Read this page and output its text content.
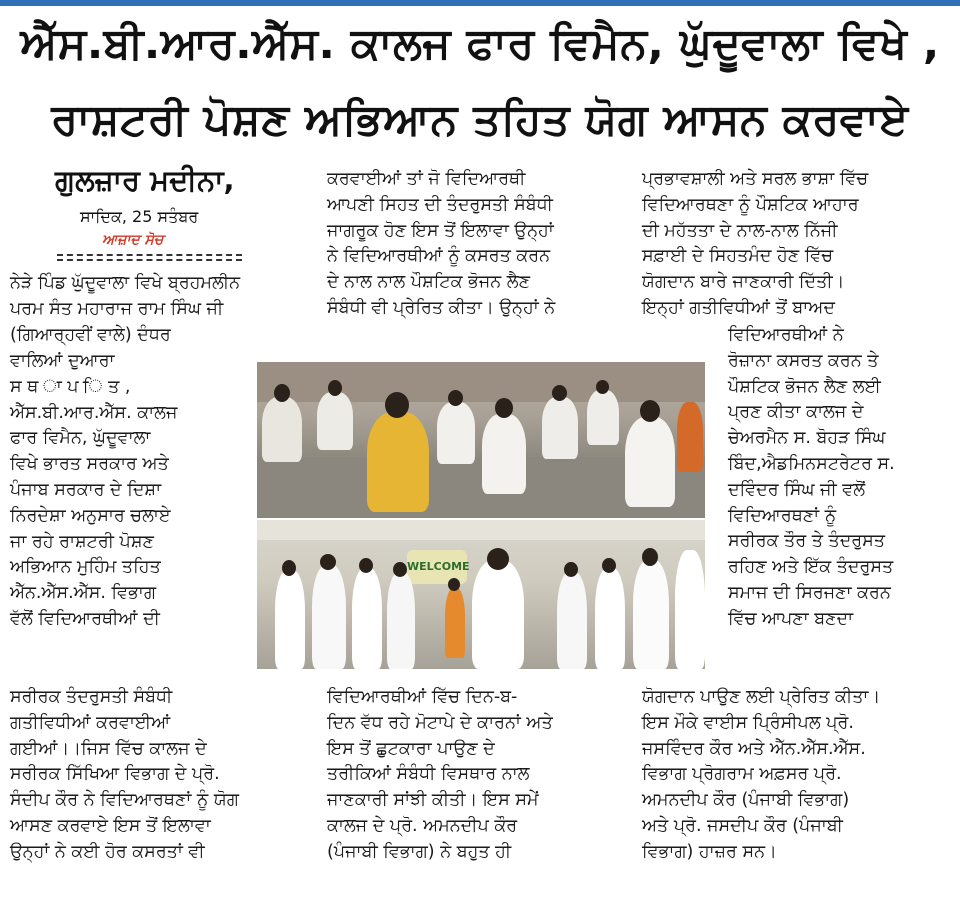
ਐੱਸ.ਬੀ.ਆਰ.ਐੱਸ. ਕਾਲਜ ਫਾਰ ਵਿਮੈਨ, ਘੁੱਦੂਵਾਲਾ ਵਿਖੇ ,
ਰਾਸ਼ਟਰੀ ਪੋਸ਼ਣ ਅਭਿਆਨ ਤਹਿਤ ਯੋਗ ਆਸਨ ਕਰਵਾਏ
ਗੁਲਜ਼ਾਰ ਮਦੀਨਾ,
ਸਾਦਿਕ, 25 ਸਤੰਬਰ
ਆਜ਼ਾਦ ਸੋਚ

ਨੇੜੇ ਪਿੰਡ ਘੁੱਦੂਵਾਲਾ ਵਿਖੇ ਬ੍ਰਹਮਲੀਨ

ਪਰਮ ਸੰਤ ਮਹਾਰਾਜ ਰਾਮ ਸਿੰਘ ਜੀ

(ਗਿਆਰ੍ਹਵੀਂ ਵਾਲੇ) ਦੰਧਰ

ਵਾਲਿਆਂ ਦੁਆਰਾ

ਸ ਥ ਾ ਪ ਿ ਤ ,

ਐੱਸ.ਬੀ.ਆਰ.ਐੱਸ. ਕਾਲਜ

ਫਾਰ ਵਿਮੈਨ, ਘੁੱਦੂਵਾਲਾ

ਵਿਖੇ ਭਾਰਤ ਸਰਕਾਰ ਅਤੇ

ਪੰਜਾਬ ਸਰਕਾਰ ਦੇ ਦਿਸ਼ਾ

ਨਿਰਦੇਸ਼ਾ ਅਨੁਸਾਰ ਚਲਾਏ

ਜਾ ਰਹੇ ਰਾਸ਼ਟਰੀ ਪੋਸ਼ਣ

ਅਭਿਆਨ ਮੁਹਿੰਮ ਤਹਿਤ

ਐੱਨ.ਐੱਸ.ਐੱਸ. ਵਿਭਾਗ

ਵੱਲੋਂ ਵਿਦਿਆਰਥੀਆਂ ਦੀ

ਸਰੀਰਕ ਤੰਦਰੁਸਤੀ ਸੰਬੰਧੀ

ਗਤੀਵਿਧੀਆਂ ਕਰਵਾਈਆਂ

ਗਈਆਂ।।ਜਿਸ ਵਿੱਚ ਕਾਲਜ ਦੇ

ਸਰੀਰਕ ਸਿੱਖਿਆ ਵਿਭਾਗ ਦੇ ਪ੍ਰੋ.

ਸੰਦੀਪ ਕੌਰ ਨੇ ਵਿਦਿਆਰਥਣਾਂ ਨੂੰ ਯੋਗ

ਆਸਣ ਕਰਵਾਏ ਇਸ ਤੋਂ ਇਲਾਵਾ

ਉਨ੍ਹਾਂ ਨੇ ਕਈ ਹੋਰ ਕਸਰਤਾਂ ਵੀ

ਕਰਵਾਈਆਂ ਤਾਂ ਜੋ ਵਿਦਿਆਰਥੀ

ਆਪਣੀ ਸਿਹਤ ਦੀ ਤੰਦਰੁਸਤੀ ਸੰਬੰਧੀ

ਜਾਗਰੂਕ ਹੋਣ ਇਸ ਤੋਂ ਇਲਾਵਾ ਉਨ੍ਹਾਂ

ਨੇ ਵਿਦਿਆਰਥੀਆਂ ਨੂੰ ਕਸਰਤ ਕਰਨ

ਦੇ ਨਾਲ ਨਾਲ ਪੌਸ਼ਟਿਕ ਭੋਜਨ ਲੈਣ

ਸੰਬੰਧੀ ਵੀ ਪ੍ਰੇਰਿਤ ਕੀਤਾ। ਉਨ੍ਹਾਂ ਨੇ

ਵਿਦਿਆਰਥੀਆਂ ਵਿੱਚ ਦਿਨ-ਬ-

ਦਿਨ ਵੱਧ ਰਹੇ ਮੋਟਾਪੇ ਦੇ ਕਾਰਨਾਂ ਅਤੇ

ਇਸ ਤੋਂ ਛੁਟਕਾਰਾ ਪਾਉਣ ਦੇ

ਤਰੀਕਿਆਂ ਸੰਬੰਧੀ ਵਿਸਥਾਰ ਨਾਲ

ਜਾਣਕਾਰੀ ਸਾਂਝੀ ਕੀਤੀ। ਇਸ ਸਮੇਂ

ਕਾਲਜ ਦੇ ਪ੍ਰੋ. ਅਮਨਦੀਪ ਕੌਰ

(ਪੰਜਾਬੀ ਵਿਭਾਗ) ਨੇ ਬਹੁਤ ਹੀ

ਪ੍ਰਭਾਵਸ਼ਾਲੀ ਅਤੇ ਸਰਲ ਭਾਸ਼ਾ ਵਿੱਚ

ਵਿਦਿਆਰਥਣਾ ਨੂੰ ਪੌਸ਼ਟਿਕ ਆਹਾਰ

ਦੀ ਮਹੱਤਤਾ ਦੇ ਨਾਲ-ਨਾਲ ਨਿੱਜੀ

ਸਫ਼ਾਈ ਦੇ ਸਿਹਤਮੰਦ ਹੋਣ ਵਿੱਚ

ਯੋਗਦਾਨ ਬਾਰੇ ਜਾਣਕਾਰੀ ਦਿੱਤੀ।

ਇਨ੍ਹਾਂ ਗਤੀਵਿਧੀਆਂ ਤੋਂ ਬਾਅਦ

ਵਿਦਿਆਰਥੀਆਂ ਨੇ

ਰੋਜ਼ਾਨਾ ਕਸਰਤ ਕਰਨ ਤੇ

ਪੌਸ਼ਟਿਕ ਭੋਜਨ ਲੈਣ ਲਈ

ਪ੍ਰਣ ਕੀਤਾ ਕਾਲਜ ਦੇ

ਚੇਅਰਮੈਨ ਸ. ਬੋਹੜ ਸਿੰਘ

ਬਿੰਦ,ਐਡਮਿਨਸਟਰੇਟਰ ਸ.

ਦਵਿੰਦਰ ਸਿੰਘ ਜੀ ਵਲੋਂ

ਵਿਦਿਆਰਥਣਾਂ ਨੂੰ

ਸਰੀਰਕ ਤੌਰ ਤੇ ਤੰਦਰੁਸਤ

ਰਹਿਣ ਅਤੇ ਇੱਕ ਤੰਦਰੁਸਤ

ਸਮਾਜ ਦੀ ਸਿਰਜਣਾ ਕਰਨ

ਵਿੱਚ ਆਪਣਾ ਬਣਦਾ

ਯੋਗਦਾਨ ਪਾਉਣ ਲਈ ਪ੍ਰੇਰਿਤ ਕੀਤਾ।

ਇਸ ਮੌਕੇ ਵਾਈਸ ਪ੍ਰਿੰਸੀਪਲ ਪ੍ਰੋ.

ਜਸਵਿੰਦਰ ਕੌਰ ਅਤੇ ਐੱਨ.ਐੱਸ.ਐੱਸ.

ਵਿਭਾਗ ਪ੍ਰੋਗਰਾਮ ਅਫ਼ਸਰ ਪ੍ਰੋ.

ਅਮਨਦੀਪ ਕੌਰ (ਪੰਜਾਬੀ ਵਿਭਾਗ)

ਅਤੇ ਪ੍ਰੋ. ਜਸਦੀਪ ਕੌਰ (ਪੰਜਾਬੀ

ਵਿਭਾਗ) ਹਾਜ਼ਰ ਸਨ।

WELCOME
